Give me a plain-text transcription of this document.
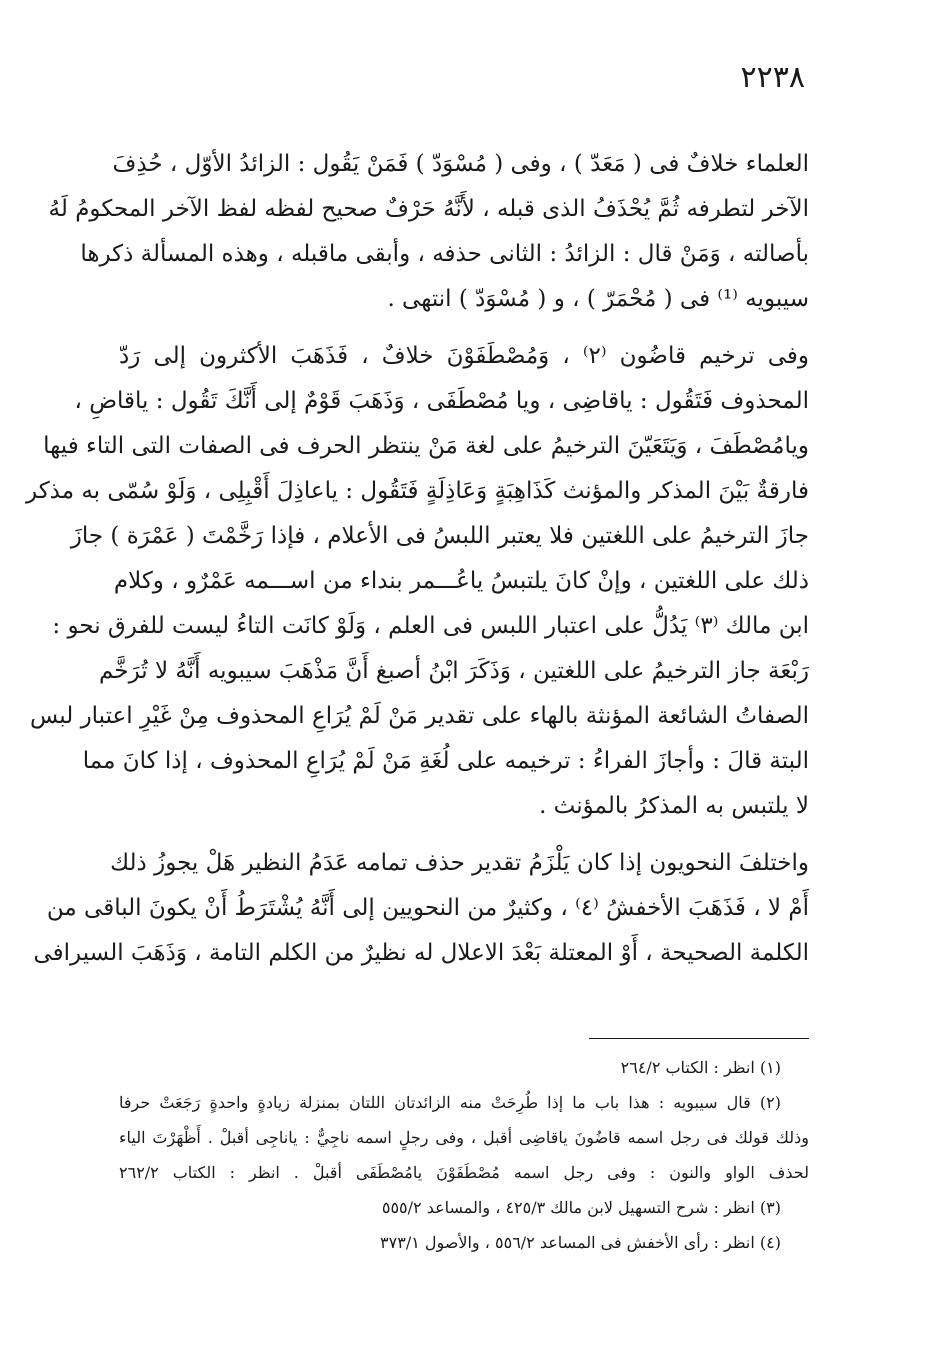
٢٢٣٨
العلماء خلافٌ فى ( مَعَدّ ) ، وفى ( مُسْوَدّ ) فَمَنْ يَقُول : الزائدُ الأوّل ، حُذِفَ
الآخر لتطرفه ثُمَّ يُحْذَفُ الذى قبله ، لأَنَّهُ حَرْفٌ صحيح لفظه لفظ الآخر المحكومُ لَهُ
بأصالته ، وَمَنْ قال : الزائدُ : الثانى حذفه ، وأبقى ماقبله ، وهذه المسألة ذكرها
سيبويه ⁽¹⁾ فى ( مُحْمَرّ ) ، و ( مُسْوَدّ ) انتهى .
وفى ترخيم قاضُون ⁽٢⁾ ، وَمُصْطَفَوْنَ خلافٌ ، فَذَهَبَ الأكثرون إلى رَدّ
المحذوف فَتَقُول : ياقاضِى ، ويا مُصْطَفَى ، وَذَهَبَ قَوْمٌ إلى أَنَّكَ تَقُول : ياقاضِ ،
ويامُصْطَفَ ، وَيَتَعَيّنَ الترخيمُ على لغة مَنْ ينتظر الحرف فى الصفات التى التاء فيها
فارقةٌ بَيْنَ المذكر والمؤنث كَذَاهِبَةٍ وَعَاذِلَةٍ فَتَقُول : ياعاذِلَ أَقْبِلِى ، وَلَوْ سُمّى به مذكر
جازَ الترخيمُ على اللغتين فلا يعتبر اللبسُ فى الأعلام ، فإذا رَخَّمْتَ ( عَمْرَة ) جازَ
ذلك على اللغتين ، وإنْ كانَ يلتبسُ ياعُـــمر بنداء من اســـمه عَمْرٌو ، وكلام
ابن مالك ⁽٣⁾ يَدُلُّ على اعتبار اللبس فى العلم ، وَلَوْ كانَت التاءُ ليست للفرق نحو :
رَبْعَة جاز الترخيمُ على اللغتين ، وَذَكَرَ ابْنُ أصبغ أَنَّ مَذْهَبَ سيبويه أَنَّهُ لا تُرَخَّم
الصفاتُ الشائعة المؤنثة بالهاء على تقدير مَنْ لَمْ يُرَاعِ المحذوف مِنْ غَيْرِ اعتبار لبس
البتة قالَ : وأجازَ الفراءُ : ترخيمه على لُغَةِ مَنْ لَمْ يُرَاعِ المحذوف ، إذا كانَ مما
لا يلتبس به المذكرُ بالمؤنث .
واختلفَ النحويون إذا كان يَلْزَمُ تقدير حذف تمامه عَدَمُ النظير هَلْ يجوزُ ذلك
أَمْ لا ، فَذَهَبَ الأخفشُ ⁽٤⁾ ، وكثيرٌ من النحويين إلى أَنَّهُ يُشْتَرَطُ أَنْ يكونَ الباقى من
الكلمة الصحيحة ، أَوْ المعتلة بَعْدَ الاعلال له نظيرٌ من الكلم التامة ، وَذَهَبَ السيرافى
(١) انظر : الكتاب ٢٦٤/٢
(٢) قال سيبويه : هذا باب ما إذا طُرِحَتْ منه الزائدتان اللتان بمنزلة زيادةٍ واحدةٍ رَجَعَتْ حرفا
وذلك قولك فى رجل اسمه قاضُونَ ياقاضِى أقبل ، وفى رجلٍ اسمه ناجِيٌّ : ياناجِى أقبلْ . أَظْهَرْتَ الياء
لحذف الواو والنون : وفى رجل اسمه مُصْطَفَوْنَ يامُصْطَفَى أقبلْ . انظر : الكتاب ٢٦٢/٢
(٣) انظر : شرح التسهيل لابن مالك ٤٢٥/٣ ، والمساعد ٥٥٥/٢
(٤) انظر : رأى الأخفش فى المساعد ٥٥٦/٢ ، والأصول ٣٧٣/١
